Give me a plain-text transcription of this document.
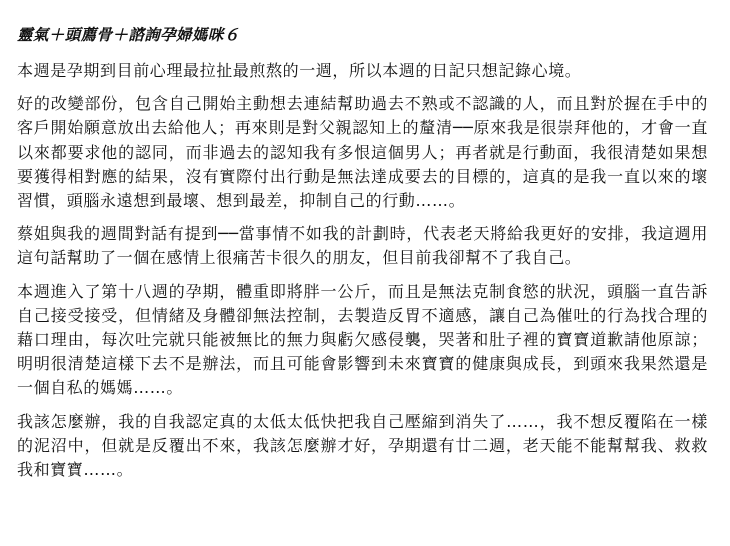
靈氣＋頭薦骨＋諮詢孕婦媽咪６

本週是孕期到目前心理最拉扯最煎熬的一週，所以本週的日記只想記錄心境。

好的改變部份，包含自己開始主動想去連結幫助過去不熟或不認識的人，而且對於握在手中的客戶開始願意放出去給他人；再來則是對父親認知上的釐清──原來我是很崇拜他的，才會一直以來都要求他的認同，而非過去的認知我有多恨這個男人；再者就是行動面，我很清楚如果想要獲得相對應的結果，沒有實際付出行動是無法達成要去的目標的，這真的是我一直以來的壞習慣，頭腦永遠想到最壞、想到最差，抑制自己的行動……。

蔡姐與我的週間對話有提到──當事情不如我的計劃時，代表老天將給我更好的安排，我這週用這句話幫助了一個在感情上很痛苦卡很久的朋友，但目前我卻幫不了我自己。

本週進入了第十八週的孕期，體重即將胖一公斤，而且是無法克制食慾的狀況，頭腦一直告訴自己接受接受，但情緒及身體卻無法控制，去製造反胃不適感，讓自己為催吐的行為找合理的藉口理由，每次吐完就只能被無比的無力與虧欠感侵襲，哭著和肚子裡的寶寶道歉請他原諒；明明很清楚這樣下去不是辦法，而且可能會影響到未來寶寶的健康與成長，到頭來我果然還是一個自私的媽媽……。

我該怎麼辦，我的自我認定真的太低太低快把我自己壓縮到消失了……，我不想反覆陷在一樣的泥沼中，但就是反覆出不來，我該怎麼辦才好，孕期還有廿二週，老天能不能幫幫我、救救我和寶寶……。
